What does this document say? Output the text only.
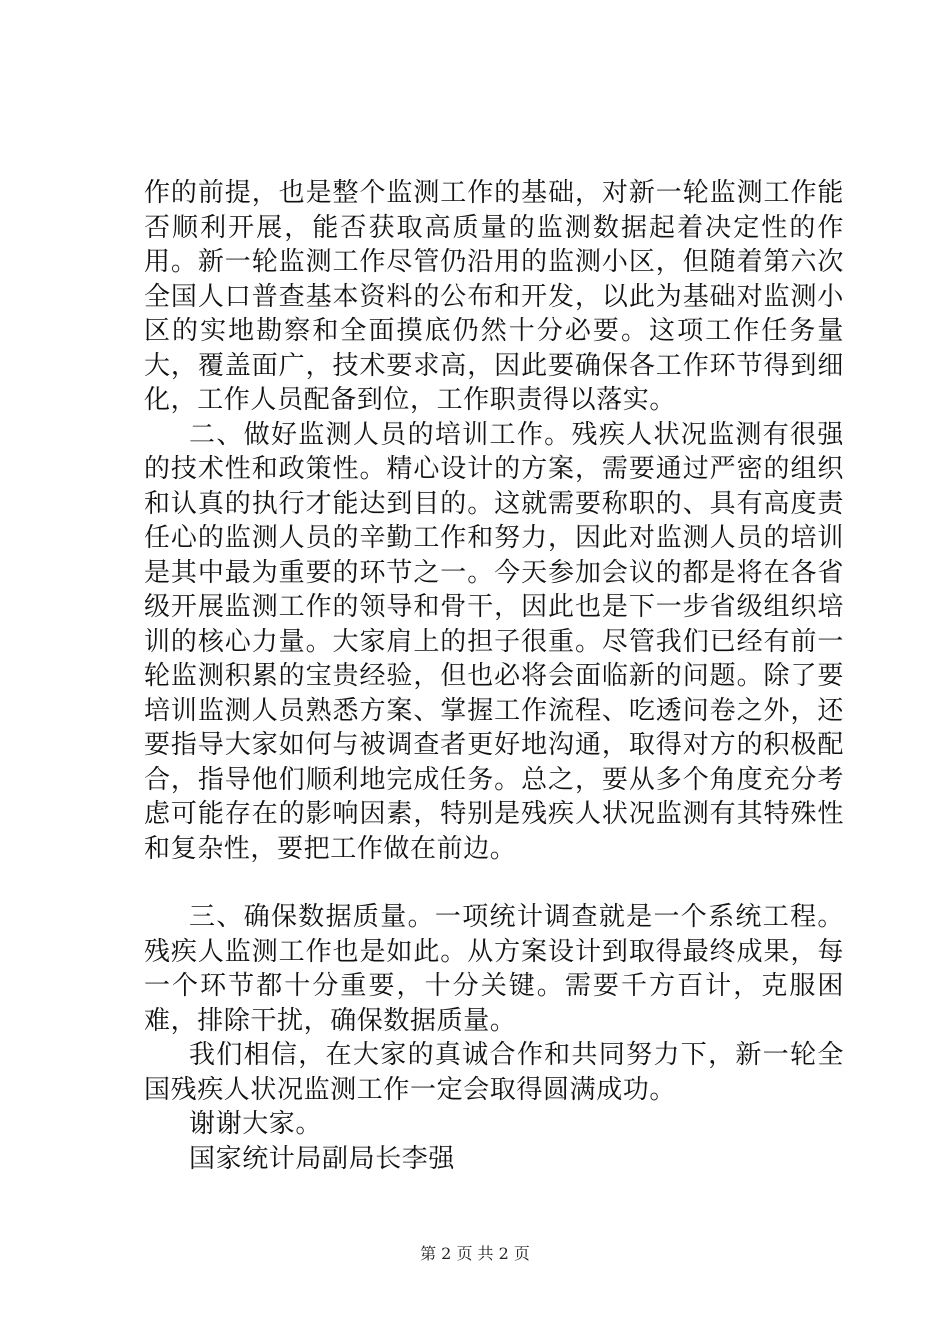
作的前提，也是整个监测工作的基础，对新一轮监测工作能否顺利开展，能否获取高质量的监测数据起着决定性的作用。新一轮监测工作尽管仍沿用的监测小区，但随着第六次全国人口普查基本资料的公布和开发，以此为基础对监测小区的实地勘察和全面摸底仍然十分必要。这项工作任务量大，覆盖面广，技术要求高，因此要确保各工作环节得到细化，工作人员配备到位，工作职责得以落实。

二、做好监测人员的培训工作。残疾人状况监测有很强的技术性和政策性。精心设计的方案，需要通过严密的组织和认真的执行才能达到目的。这就需要称职的、具有高度责任心的监测人员的辛勤工作和努力，因此对监测人员的培训是其中最为重要的环节之一。今天参加会议的都是将在各省级开展监测工作的领导和骨干，因此也是下一步省级组织培训的核心力量。大家肩上的担子很重。尽管我们已经有前一轮监测积累的宝贵经验，但也必将会面临新的问题。除了要培训监测人员熟悉方案、掌握工作流程、吃透问卷之外，还要指导大家如何与被调查者更好地沟通，取得对方的积极配合，指导他们顺利地完成任务。总之，要从多个角度充分考虑可能存在的影响因素，特别是残疾人状况监测有其特殊性和复杂性，要把工作做在前边。

三、确保数据质量。一项统计调查就是一个系统工程。残疾人监测工作也是如此。从方案设计到取得最终成果，每一个环节都十分重要，十分关键。需要千方百计，克服困难，排除干扰，确保数据质量。

我们相信，在大家的真诚合作和共同努力下，新一轮全国残疾人状况监测工作一定会取得圆满成功。

谢谢大家。

国家统计局副局长李强

第 2 页 共 2 页
